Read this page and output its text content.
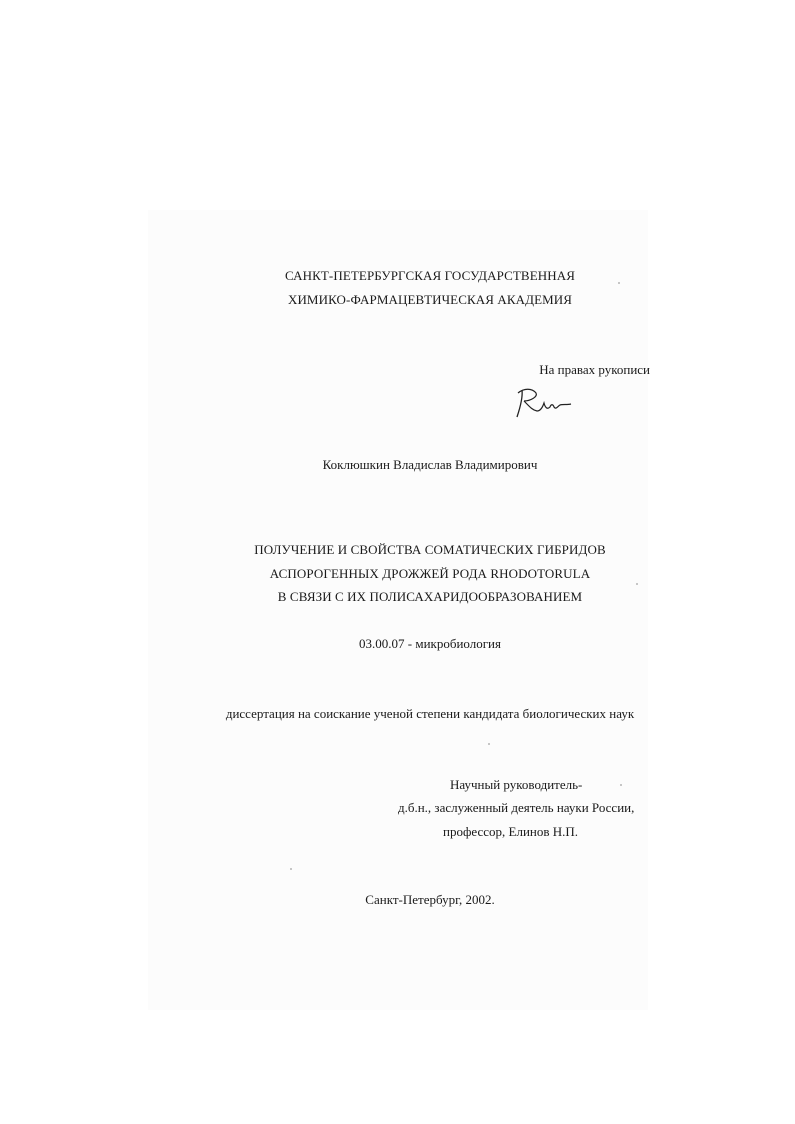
САНКТ-ПЕТЕРБУРГСКАЯ ГОСУДАРСТВЕННАЯ
ХИМИКО-ФАРМАЦЕВТИЧЕСКАЯ АКАДЕМИЯ
На правах рукописи
Коклюшкин Владислав Владимирович
ПОЛУЧЕНИЕ И СВОЙСТВА СОМАТИЧЕСКИХ ГИБРИДОВ
АСПОРОГЕННЫХ ДРОЖЖЕЙ РОДА RHODOTORULA
В СВЯЗИ С ИХ ПОЛИСАХАРИДООБРАЗОВАНИЕМ
03.00.07 - микробиология
диссертация на соискание ученой степени кандидата биологических наук
Научный руководитель-
д.б.н., заслуженный деятель науки России,
профессор, Елинов Н.П.
Санкт-Петербург, 2002.
